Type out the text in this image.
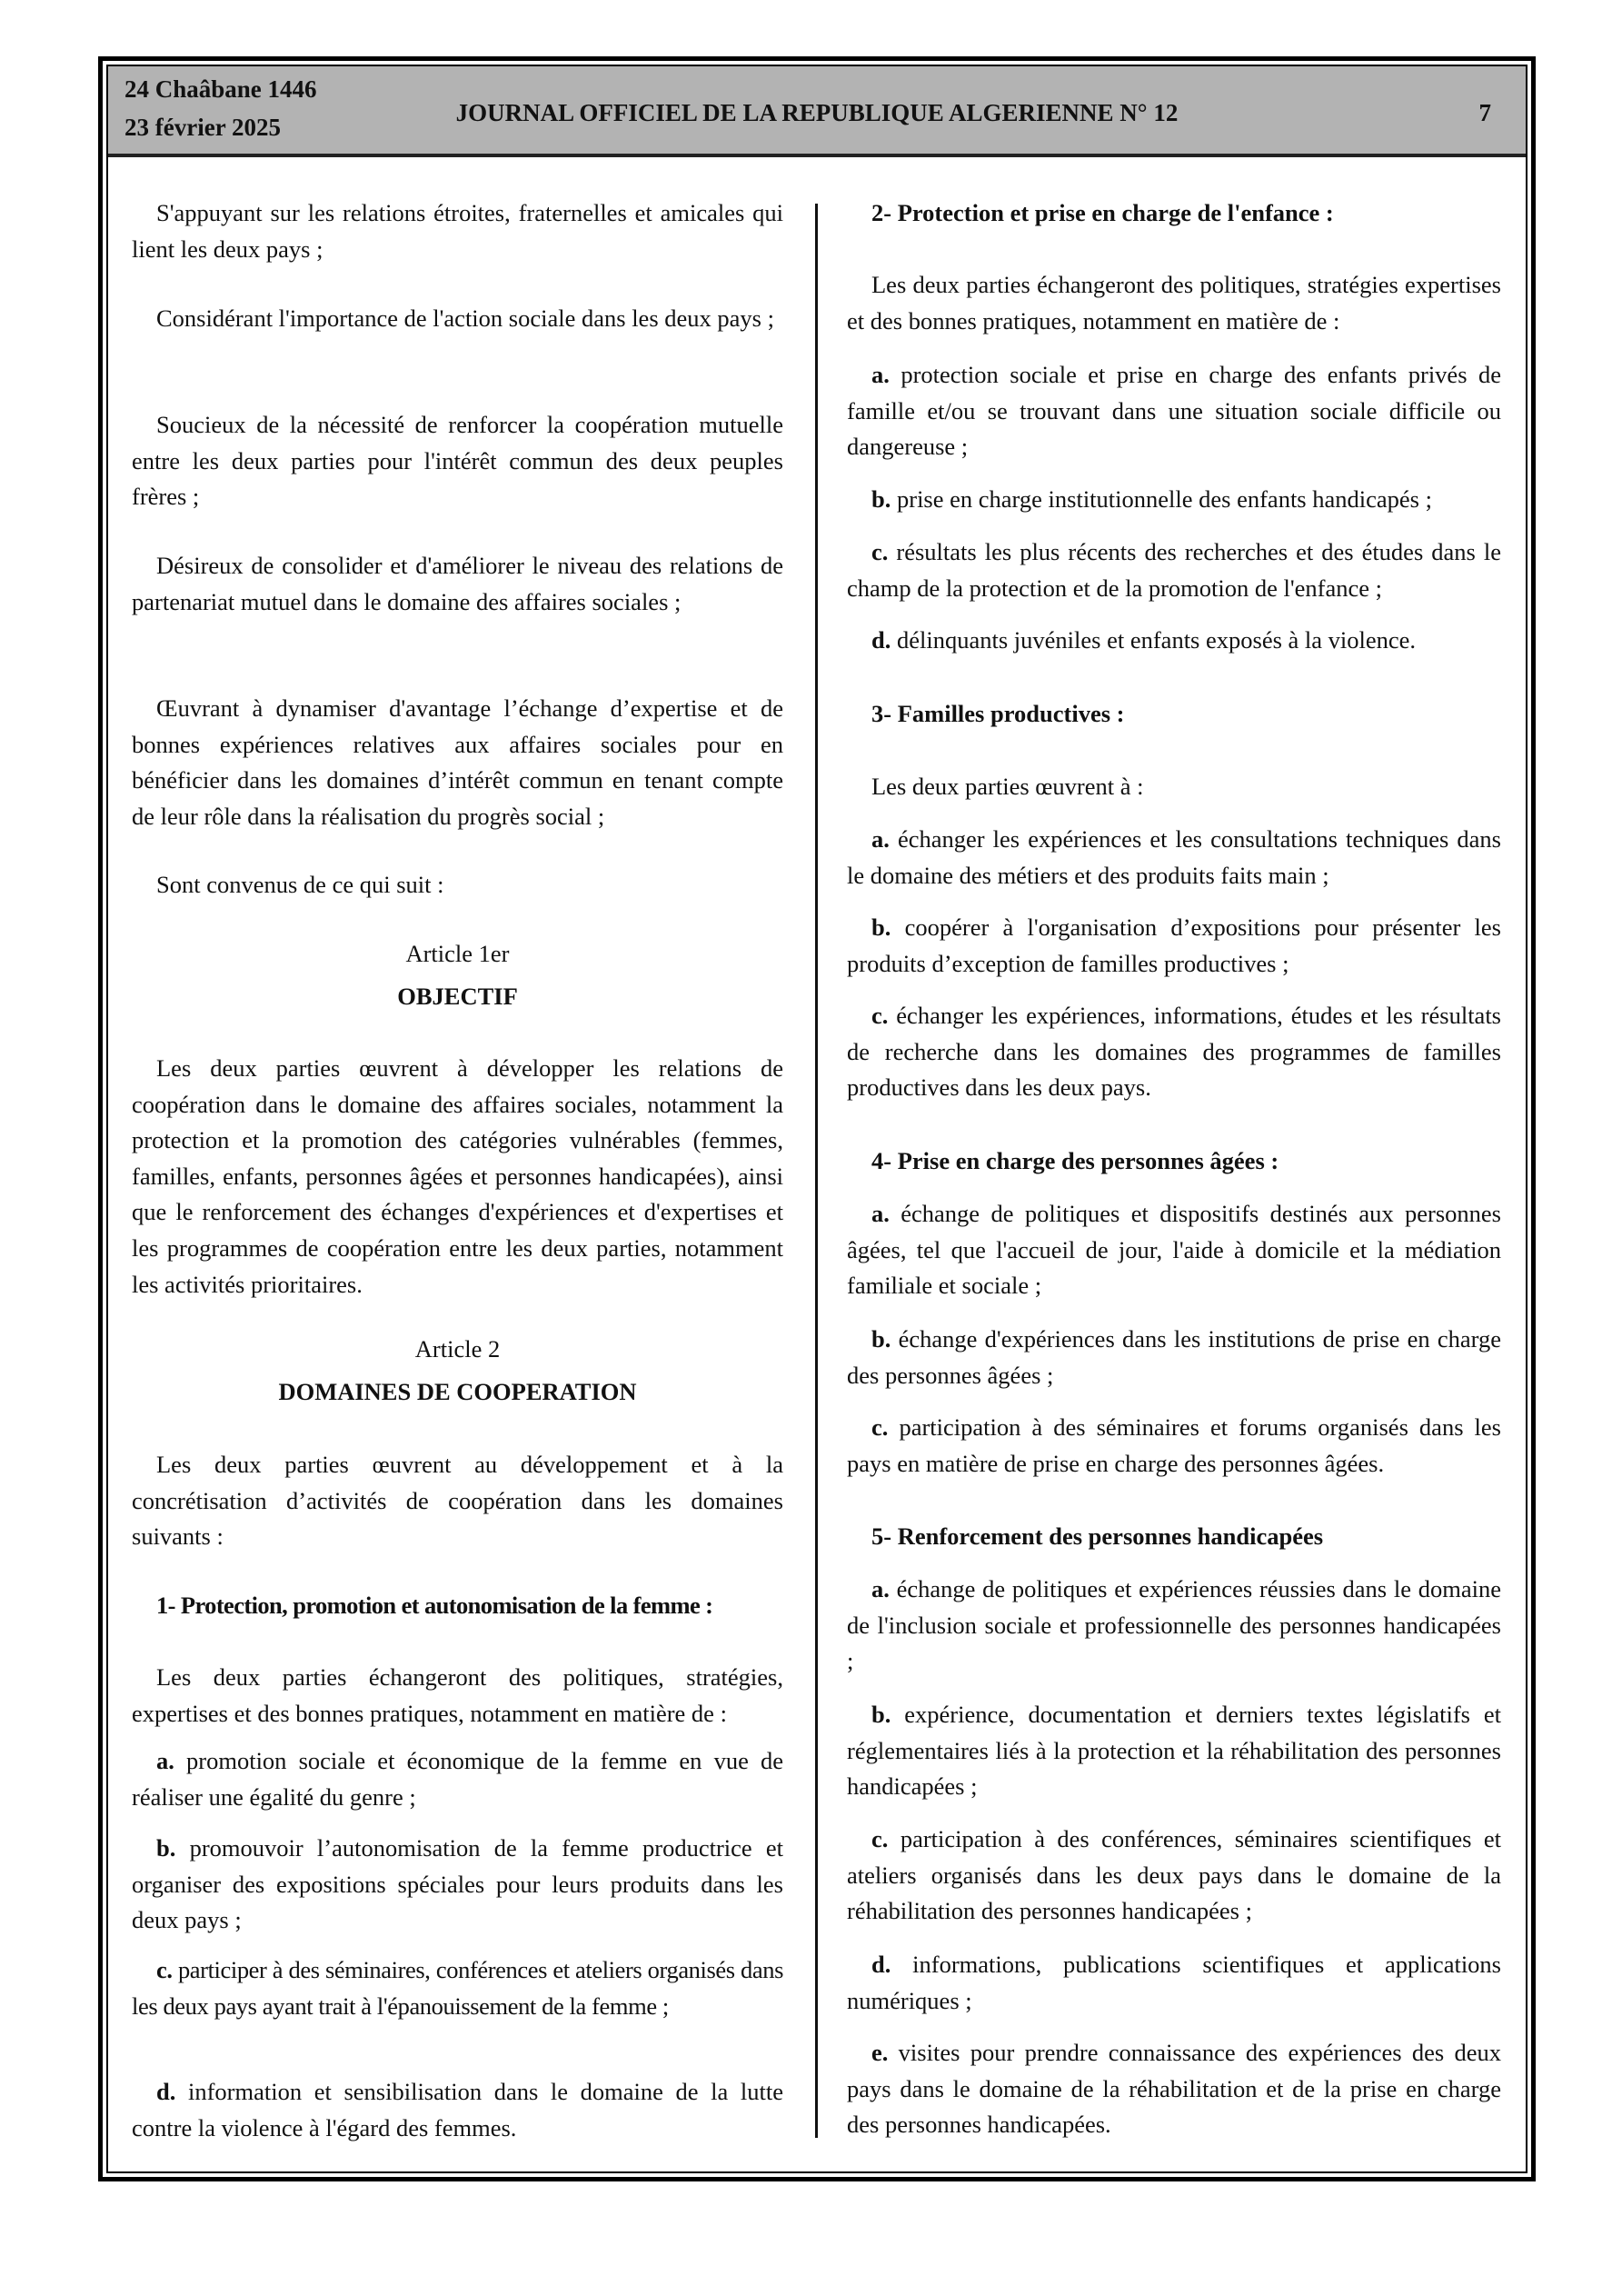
24 Chaâbane 1446
23 février 2025
JOURNAL OFFICIEL DE LA REPUBLIQUE ALGERIENNE N° 12	7

S'appuyant sur les relations étroites, fraternelles et amicales qui lient les deux pays ;

Considérant l'importance de l'action sociale dans les deux pays ;

Soucieux de la nécessité de renforcer la coopération mutuelle entre les deux parties pour l'intérêt commun des deux peuples frères ;

Désireux de consolider et d'améliorer le niveau des relations de partenariat mutuel dans le domaine des affaires sociales ;

Œuvrant à dynamiser d'avantage l’échange d’expertise et de bonnes expériences relatives aux affaires sociales pour en bénéficier dans les domaines d’intérêt commun en tenant compte de leur rôle dans la réalisation du progrès social ;

Sont convenus de ce qui suit :

Article 1er

OBJECTIF

Les deux parties œuvrent à développer les relations de coopération dans le domaine des affaires sociales, notamment la protection et la promotion des catégories vulnérables (femmes, familles, enfants, personnes âgées et personnes handicapées), ainsi que le renforcement des échanges d'expériences et d'expertises et les programmes de coopération entre les deux parties, notamment les activités prioritaires.

Article 2

DOMAINES DE COOPERATION

Les deux parties œuvrent au développement et à la concrétisation d’activités de coopération dans les domaines suivants :

1- Protection, promotion et autonomisation de la femme :

Les deux parties échangeront des politiques, stratégies, expertises et des bonnes pratiques, notamment en matière de :

a. promotion sociale et économique de la femme en vue de réaliser une égalité du genre ;

b. promouvoir l’autonomisation de la femme productrice et organiser des expositions spéciales pour leurs produits dans les deux pays ;

c. participer à des séminaires, conférences et ateliers organisés dans les deux pays ayant trait à l'épanouissement de la femme ;

d. information et sensibilisation dans le domaine de la lutte contre la violence à l'égard des femmes.

2- Protection et prise en charge de l'enfance :

Les deux parties échangeront des politiques, stratégies expertises et des bonnes pratiques, notamment en matière de :

a. protection sociale et prise en charge des enfants privés de famille et/ou se trouvant dans une situation sociale difficile ou dangereuse ;

b. prise en charge institutionnelle des enfants handicapés ;

c. résultats les plus récents des recherches et des études dans le champ de la protection et de la promotion de l'enfance ;

d. délinquants juvéniles et enfants exposés à la violence.

3- Familles productives :

Les deux parties œuvrent à :

a. échanger les expériences et les consultations techniques dans le domaine des métiers et des produits faits main ;

b. coopérer à l'organisation d’expositions pour présenter les produits d’exception de familles productives ;

c. échanger les expériences, informations, études et les résultats de recherche dans les domaines des programmes de familles productives dans les deux pays.

4- Prise en charge des personnes âgées :

a. échange de politiques et dispositifs destinés aux personnes âgées, tel que l'accueil de jour, l'aide à domicile et la médiation familiale et sociale ;

b. échange d'expériences dans les institutions de prise en charge des personnes âgées ;

c. participation à des séminaires et forums organisés dans les pays en matière de prise en charge des personnes âgées.

5- Renforcement des personnes handicapées

a. échange de politiques et expériences réussies dans le domaine de l'inclusion sociale et professionnelle des personnes handicapées ;

b. expérience, documentation et derniers textes législatifs et réglementaires liés à la protection et la réhabilitation des personnes handicapées ;

c. participation à des conférences, séminaires scientifiques et ateliers organisés dans les deux pays dans le domaine de la réhabilitation des personnes handicapées ;

d. informations, publications scientifiques et applications numériques ;

e. visites pour prendre connaissance des expériences des deux pays dans le domaine de la réhabilitation et de la prise en charge des personnes handicapées.
